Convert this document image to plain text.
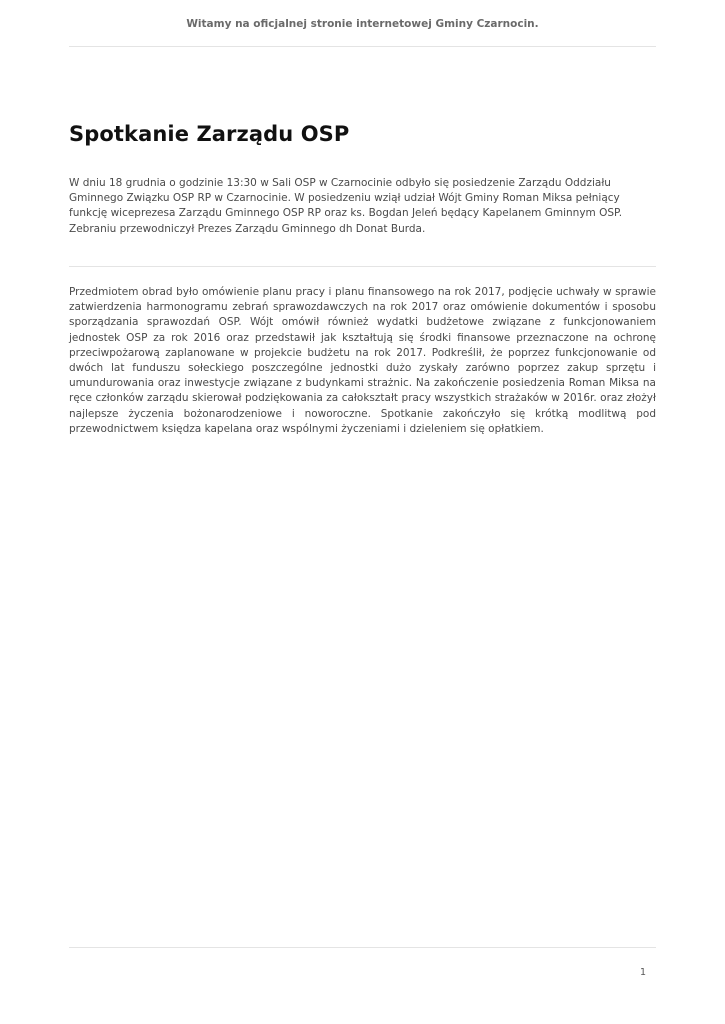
Witamy na oficjalnej stronie internetowej Gminy Czarnocin.
Spotkanie Zarządu OSP

W dniu 18 grudnia o godzinie 13:30 w Sali OSP w Czarnocinie odbyło się posiedzenie Zarządu Oddziału Gminnego Związku OSP RP w Czarnocinie. W posiedzeniu wziął udział Wójt Gminy Roman Miksa pełniący funkcję wiceprezesa Zarządu Gminnego OSP RP oraz ks. Bogdan Jeleń będący Kapelanem Gminnym OSP. Zebraniu przewodniczył Prezes Zarządu Gminnego dh Donat Burda.

Przedmiotem obrad było omówienie planu pracy i planu finansowego na rok 2017, podjęcie uchwały w sprawie zatwierdzenia harmonogramu zebrań sprawozdawczych na rok 2017 oraz omówienie dokumentów i sposobu sporządzania sprawozdań OSP. Wójt omówił również wydatki budżetowe związane z funkcjonowaniem jednostek OSP za rok 2016 oraz przedstawił jak kształtują się środki finansowe przeznaczone na ochronę przeciwpożarową zaplanowane w projekcie budżetu na rok 2017. Podkreślił, że poprzez funkcjonowanie od dwóch lat funduszu sołeckiego poszczególne jednostki dużo zyskały zarówno poprzez zakup sprzętu i umundurowania oraz inwestycje związane z budynkami strażnic. Na zakończenie posiedzenia Roman Miksa na ręce członków zarządu skierował podziękowania za całokształt pracy wszystkich strażaków w 2016r. oraz złożył najlepsze życzenia bożonarodzeniowe i noworoczne. Spotkanie zakończyło się krótką modlitwą pod przewodnictwem księdza kapelana oraz wspólnymi życzeniami i dzieleniem się opłatkiem.

1
